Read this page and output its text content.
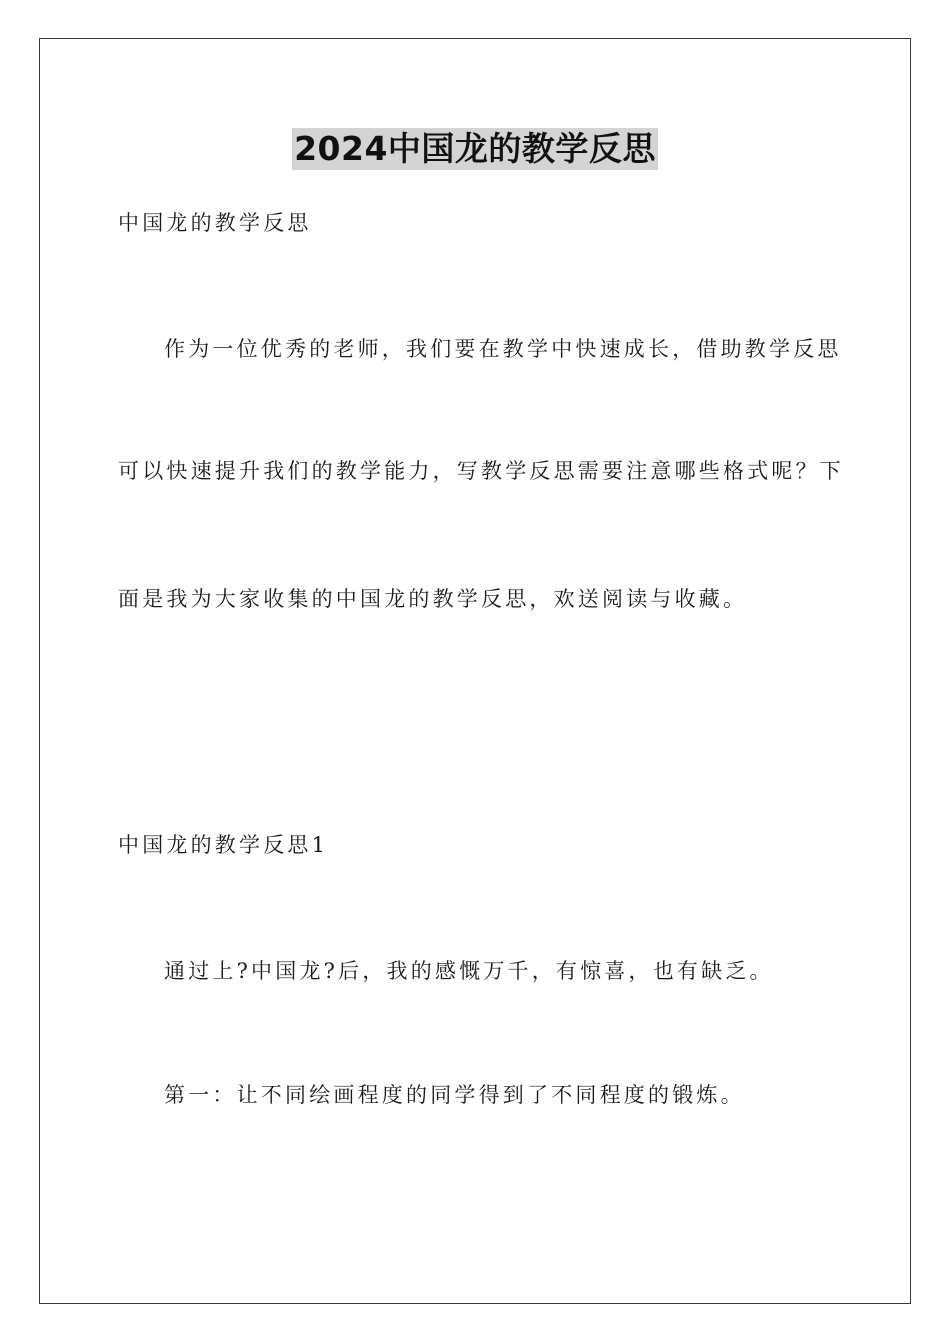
2024中国龙的教学反思
中国龙的教学反思
作为一位优秀的老师，我们要在教学中快速成长，借助教学反思
可以快速提升我们的教学能力，写教学反思需要注意哪些格式呢？下
面是我为大家收集的中国龙的教学反思，欢送阅读与收藏。
中国龙的教学反思1
通过上?中国龙?后，我的感慨万千，有惊喜，也有缺乏。
第一：让不同绘画程度的同学得到了不同程度的锻炼。
